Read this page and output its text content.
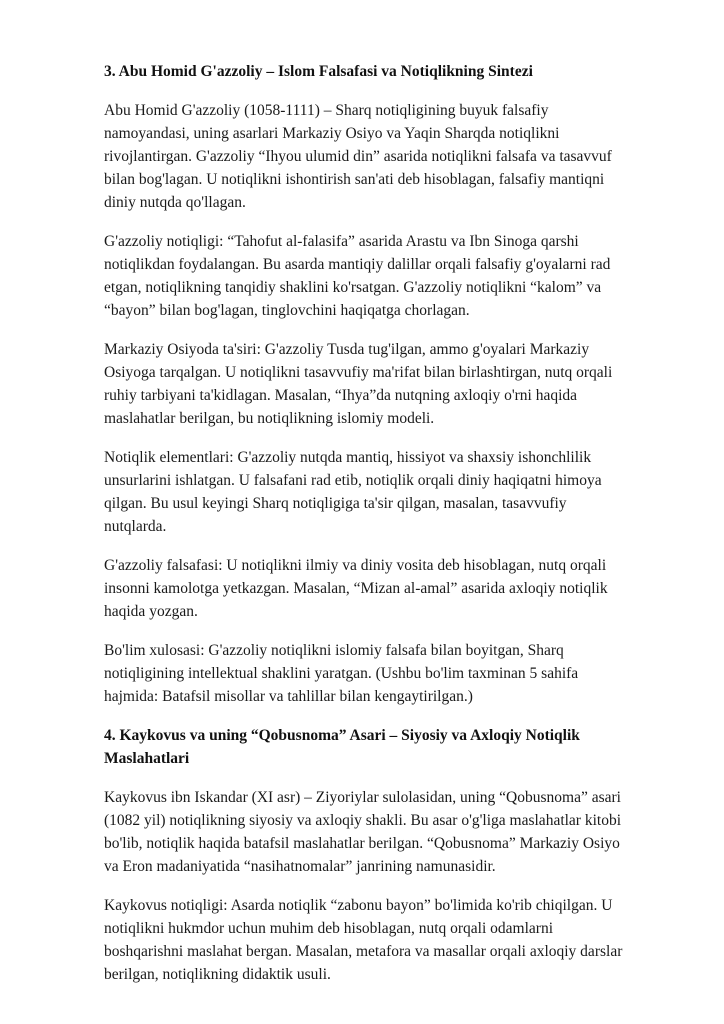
3. Abu Homid G'azzoliy – Islom Falsafasi va Notiqlikning Sintezi

Abu Homid G'azzoliy (1058-1111) – Sharq notiqligining buyuk falsafiy namoyandasi, uning asarlari Markaziy Osiyo va Yaqin Sharqda notiqlikni rivojlantirgan. G'azzoliy “Ihyou ulumid din” asarida notiqlikni falsafa va tasavvuf bilan bog'lagan. U notiqlikni ishontirish san'ati deb hisoblagan, falsafiy mantiqni diniy nutqda qo'llagan.

G'azzoliy notiqligi: “Tahofut al-falasifa” asarida Arastu va Ibn Sinoga qarshi notiqlikdan foydalangan. Bu asarda mantiqiy dalillar orqali falsafiy g'oyalarni rad etgan, notiqlikning tanqidiy shaklini ko'rsatgan. G'azzoliy notiqlikni “kalom” va “bayon” bilan bog'lagan, tinglovchini haqiqatga chorlagan.

Markaziy Osiyoda ta'siri: G'azzoliy Tusda tug'ilgan, ammo g'oyalari Markaziy Osiyoga tarqalgan. U notiqlikni tasavvufiy ma'rifat bilan birlashtirgan, nutq orqali ruhiy tarbiyani ta'kidlagan. Masalan, “Ihya”da nutqning axloqiy o'rni haqida maslahatlar berilgan, bu notiqlikning islomiy modeli.

Notiqlik elementlari: G'azzoliy nutqda mantiq, hissiyot va shaxsiy ishonchlilik unsurlarini ishlatgan. U falsafani rad etib, notiqlik orqali diniy haqiqatni himoya qilgan. Bu usul keyingi Sharq notiqligiga ta'sir qilgan, masalan, tasavvufiy nutqlarda.

G'azzoliy falsafasi: U notiqlikni ilmiy va diniy vosita deb hisoblagan, nutq orqali insonni kamolotga yetkazgan. Masalan, “Mizan al-amal” asarida axloqiy notiqlik haqida yozgan.

Bo'lim xulosasi: G'azzoliy notiqlikni islomiy falsafa bilan boyitgan, Sharq notiqligining intellektual shaklini yaratgan. (Ushbu bo'lim taxminan 5 sahifa hajmida: Batafsil misollar va tahlillar bilan kengaytirilgan.)

4. Kaykovus va uning “Qobusnoma” Asari – Siyosiy va Axloqiy Notiqlik Maslahatlari

Kaykovus ibn Iskandar (XI asr) – Ziyoriylar sulolasidan, uning “Qobusnoma” asari (1082 yil) notiqlikning siyosiy va axloqiy shakli. Bu asar o'g'liga maslahatlar kitobi bo'lib, notiqlik haqida batafsil maslahatlar berilgan. “Qobusnoma” Markaziy Osiyo va Eron madaniyatida “nasihatnomalar” janrining namunasidir.

Kaykovus notiqligi: Asarda notiqlik “zabonu bayon” bo'limida ko'rib chiqilgan. U notiqlikni hukmdor uchun muhim deb hisoblagan, nutq orqali odamlarni boshqarishni maslahat bergan. Masalan, metafora va masallar orqali axloqiy darslar berilgan, notiqlikning didaktik usuli.
